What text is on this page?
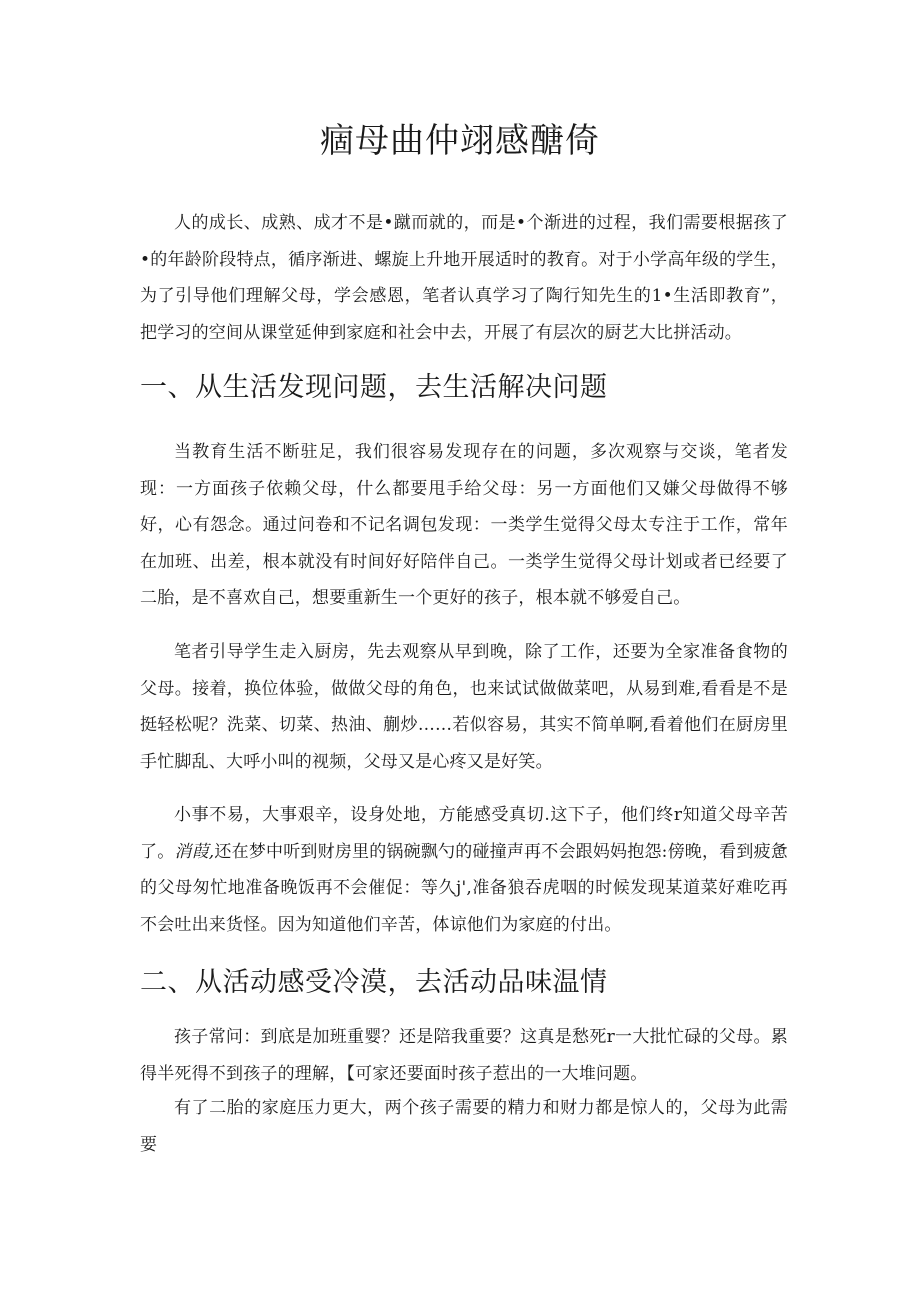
痼母曲仲翊感醣倚

人的成长、成熟、成才不是•蹴而就的，而是•个渐进的过程，我们需要根据孩了•的年龄阶段特点，循序渐进、螺旋上升地开展适时的教育。对于小学高年级的学生，为了引导他们理解父母，学会感恩，笔者认真学习了陶行知先生的1•生活即教育”，把学习的空间从课堂延伸到家庭和社会中去，开展了有层次的厨艺大比拼活动。

一、从生活发现问题，去生活解决问题

当教育生活不断驻足，我们很容易发现存在的问题，多次观察与交谈，笔者发现：一方面孩子依赖父母，什么都要甩手给父母：另一方面他们又嫌父母做得不够好，心有怨念。通过问卷和不记名调包发现：一类学生觉得父母太专注于工作，常年在加班、出差，根本就没有时间好好陪伴自己。一类学生觉得父母计划或者已经要了二胎，是不喜欢自己，想要重新生一个更好的孩子，根本就不够爱自己。

笔者引导学生走入厨房，先去观察从早到晚，除了工作，还要为全家准备食物的父母。接着，换位体验，做做父母的角色，也来试试做做菜吧，从易到难,看看是不是挺轻松呢？洗菜、切菜、热油、蒯炒……若似容易，其实不简单啊,看着他们在厨房里手忙脚乱、大呼小叫的视频，父母又是心疼又是好笑。

小事不易，大事艰辛，设身处地，方能感受真切.这下子，他们终r知道父母辛苦了。消葭,还在梦中听到财房里的锅碗飘勺的碰撞声再不会跟妈妈抱怨:傍晚，看到疲惫的父母匆忙地准备晚饭再不会催促：等久j',准备狼吞虎咽的时候发现某道菜好难吃再不会吐出来货怪。因为知道他们辛苦，体谅他们为家庭的付出。

二、从活动感受冷漠，去活动品味温情

孩子常问：到底是加班重婴？还是陪我重要？这真是愁死r一大批忙碌的父母。累得半死得不到孩子的理解，【可家还要面时孩子惹出的一大堆问题。

有了二胎的家庭压力更大，两个孩子需要的精力和财力都是惊人的，父母为此需要
